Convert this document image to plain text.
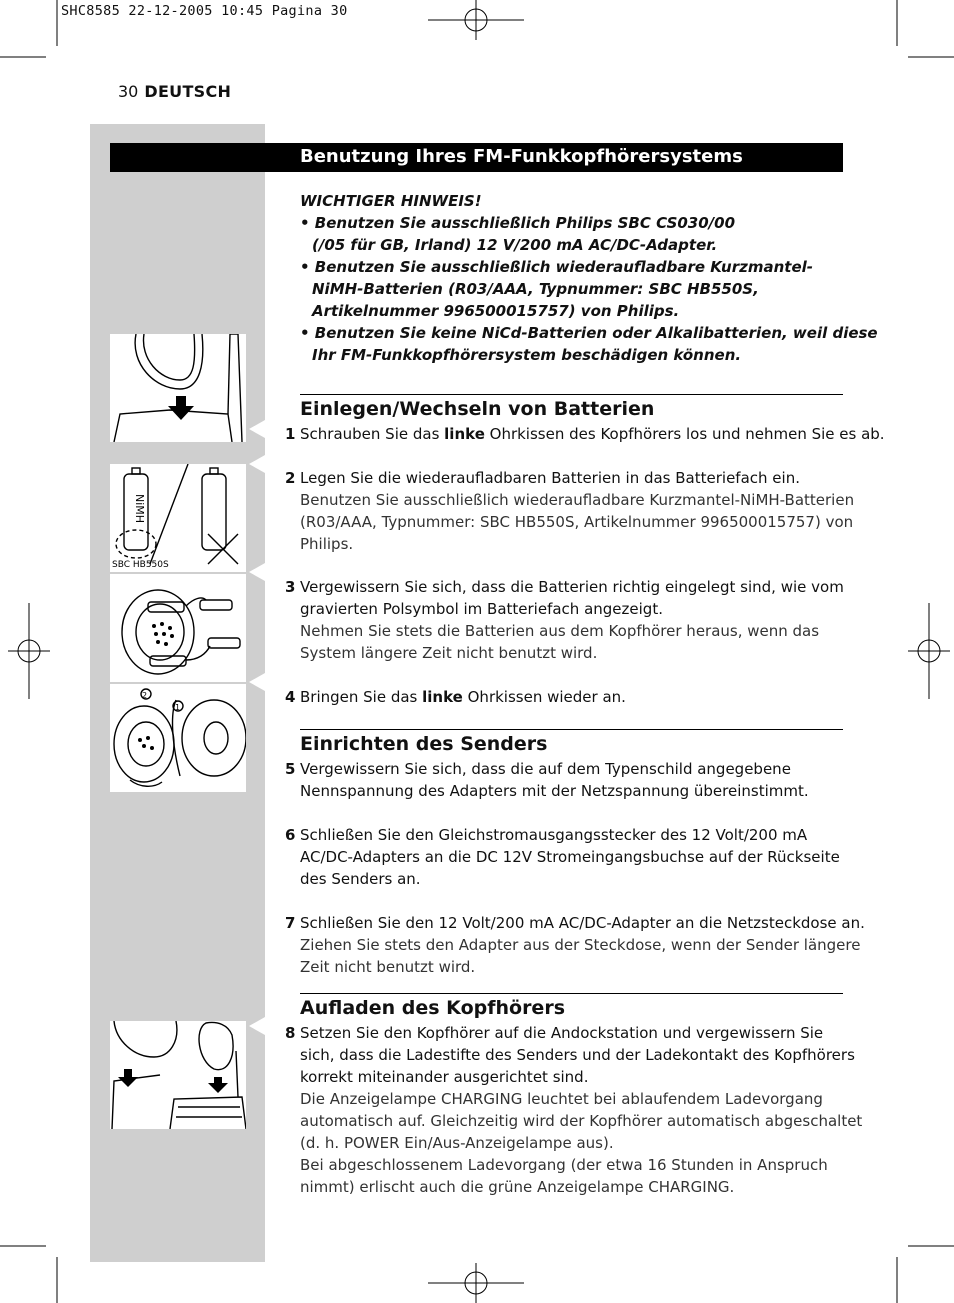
SHC8585 22-12-2005 10:45 Pagina 30
30 DEUTSCH
Benutzung Ihres FM-Funkkopfhörersystems
WICHTIGER HINWEIS!
• Benutzen Sie ausschließlich Philips SBC CS030/00
(/05 für GB, Irland) 12 V/200 mA AC/DC-Adapter.
• Benutzen Sie ausschließlich wiederaufladbare Kurzmantel-
NiMH-Batterien (R03/AAA, Typnummer: SBC HB550S,
Artikelnummer 996500015757) von Philips.
• Benutzen Sie keine NiCd-Batterien oder Alkalibatterien, weil diese
Ihr FM-Funkkopfhörersystem beschädigen können.
Einlegen/Wechseln von Batterien
1 Schrauben Sie das linke Ohrkissen des Kopfhörers los und nehmen Sie es ab.
2 Legen Sie die wiederaufladbaren Batterien in das Batteriefach ein.
Benutzen Sie ausschließlich wiederaufladbare Kurzmantel-NiMH-Batterien
(R03/AAA, Typnummer: SBC HB550S, Artikelnummer 996500015757) von
Philips.
3 Vergewissern Sie sich, dass die Batterien richtig eingelegt sind, wie vom
gravierten Polsymbol im Batteriefach angezeigt.
Nehmen Sie stets die Batterien aus dem Kopfhörer heraus, wenn das
System längere Zeit nicht benutzt wird.
4 Bringen Sie das linke Ohrkissen wieder an.
Einrichten des Senders
5 Vergewissern Sie sich, dass die auf dem Typenschild angegebene
Nennspannung des Adapters mit der Netzspannung übereinstimmt.
6 Schließen Sie den Gleichstromausgangsstecker des 12 Volt/200 mA
AC/DC-Adapters an die DC 12V Stromeingangsbuchse auf der Rückseite
des Senders an.
7 Schließen Sie den 12 Volt/200 mA AC/DC-Adapter an die Netzsteckdose an.
Ziehen Sie stets den Adapter aus der Steckdose, wenn der Sender längere
Zeit nicht benutzt wird.
Aufladen des Kopfhörers
8 Setzen Sie den Kopfhörer auf die Andockstation und vergewissern Sie
sich, dass die Ladestifte des Senders und der Ladekontakt des Kopfhörers
korrekt miteinander ausgerichtet sind.
Die Anzeigelampe CHARGING leuchtet bei ablaufendem Ladevorgang
automatisch auf. Gleichzeitig wird der Kopfhörer automatisch abgeschaltet
(d. h. POWER Ein/Aus-Anzeigelampe aus).
Bei abgeschlossenem Ladevorgang (der etwa 16 Stunden in Anspruch
nimmt) erlischt auch die grüne Anzeigelampe CHARGING.
NiMH
SBC HB550S
2
1
